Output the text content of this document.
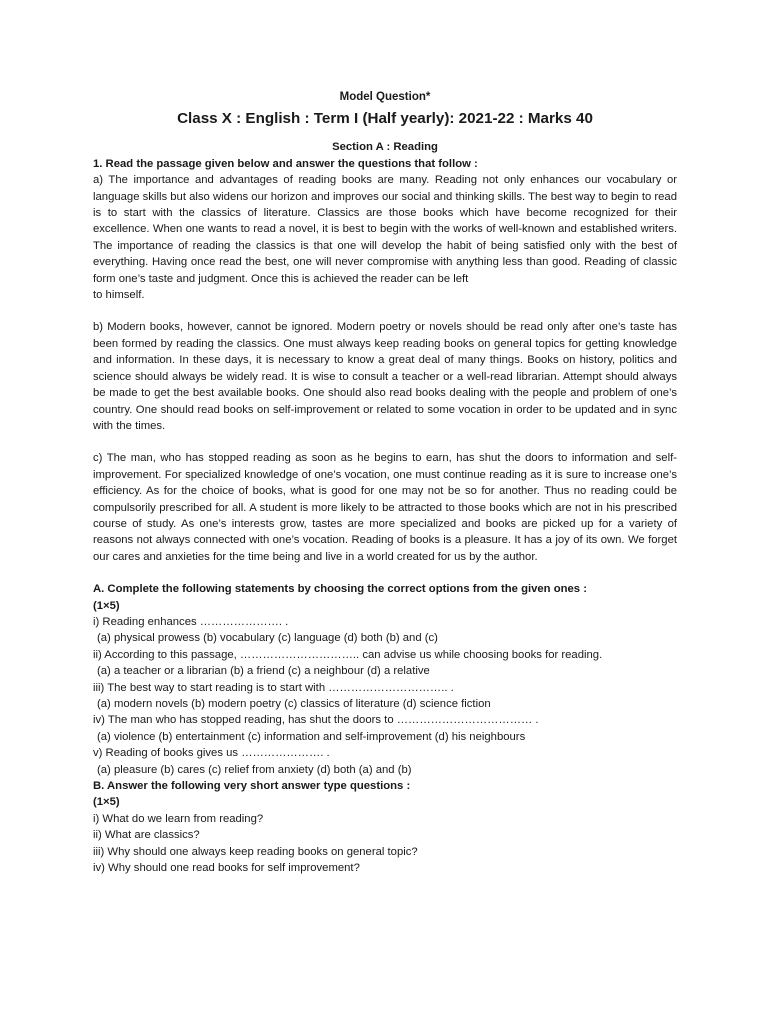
Model Question*

Class X : English : Term I (Half yearly): 2021-22 : Marks 40

Section A : Reading
1. Read the passage given below and answer the questions that follow :

a) The importance and advantages of reading books are many. Reading not only enhances our vocabulary or language skills but also widens our horizon and improves our social and thinking skills. The best way to begin to read is to start with the classics of literature. Classics are those books which have become recognized for their excellence. When one wants to read a novel, it is best to begin with the works of well-known and established writers. The importance of reading the classics is that one will develop the habit of being satisfied only with the best of everything. Having once read the best, one will never compromise with anything less than good. Reading of classic form one’s taste and judgment. Once this is achieved the reader can be left

to himself.

b) Modern books, however, cannot be ignored. Modern poetry or novels should be read only after one’s taste has been formed by reading the classics. One must always keep reading books on general topics for getting knowledge and information. In these days, it is necessary to know a great deal of many things. Books on history, politics and science should always be widely read. It is wise to consult a teacher or a well-read librarian. Attempt should always be made to get the best available books. One should also read books dealing with the people and problem of one’s country. One should read books on self-improvement or related to some vocation in order to be updated and in sync with the times.

c) The man, who has stopped reading as soon as he begins to earn, has shut the doors to information and self-improvement. For specialized knowledge of one’s vocation, one must continue reading as it is sure to increase one’s efficiency. As for the choice of books, what is good for one may not be so for another. Thus no reading could be compulsorily prescribed for all. A student is more likely to be attracted to those books which are not in his prescribed course of study. As one’s interests grow, tastes are more specialized and books are picked up for a variety of reasons not always connected with one’s vocation. Reading of books is a pleasure. It has a joy of its own. We forget our cares and anxieties for the time being and live in a world created for us by the author.

A. Complete the following statements by choosing the correct options from the given ones :
(1×5)
i) Reading enhances …………………. .
(a) physical prowess (b) vocabulary (c) language (d) both (b) and (c)
ii) According to this passage, ………………………….. can advise us while choosing books for reading.
(a) a teacher or a librarian (b) a friend (c) a neighbour (d) a relative
iii) The best way to start reading is to start with ………………………….. .
(a) modern novels (b) modern poetry (c) classics of literature (d) science fiction
iv) The man who has stopped reading, has shut the doors to ……………………………… .
(a) violence (b) entertainment (c) information and self-improvement (d) his neighbours
v) Reading of books gives us …………………. .
(a) pleasure (b) cares (c) relief from anxiety (d) both (a) and (b)
B. Answer the following very short answer type questions :
(1×5)
i) What do we learn from reading?
ii) What are classics?
iii) Why should one always keep reading books on general topic?
iv) Why should one read books for self improvement?
